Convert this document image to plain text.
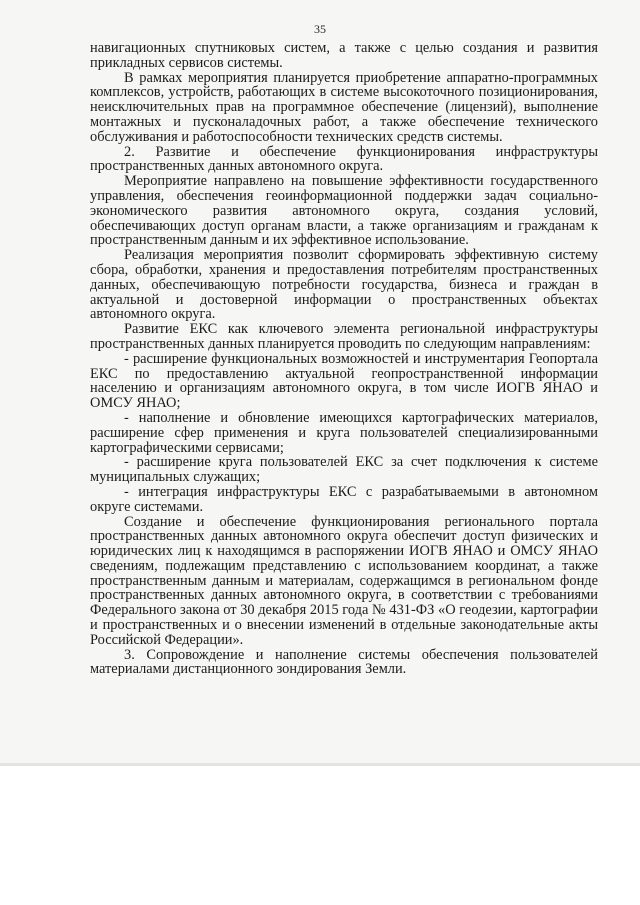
35

навигационных спутниковых систем, а также с целью создания и развития прикладных сервисов системы.

В рамках мероприятия планируется приобретение аппаратно-программных комплексов, устройств, работающих в системе высокоточного позиционирования, неисключительных прав на программное обеспечение (лицензий), выполнение монтажных и пусконаладочных работ, а также обеспечение технического обслуживания и работоспособности технических средств системы.

2. Развитие и обеспечение функционирования инфраструктуры пространственных данных автономного округа.

Мероприятие направлено на повышение эффективности государственного управления, обеспечения геоинформационной поддержки задач социально-экономического развития автономного округа, создания условий, обеспечивающих доступ органам власти, а также организациям и гражданам к пространственным данным и их эффективное использование.

Реализация мероприятия позволит сформировать эффективную систему сбора, обработки, хранения и предоставления потребителям пространственных данных, обеспечивающую потребности государства, бизнеса и граждан в актуальной и достоверной информации о пространственных объектах автономного округа.

Развитие ЕКС как ключевого элемента региональной инфраструктуры пространственных данных планируется проводить по следующим направлениям:

- расширение функциональных возможностей и инструментария Геопортала ЕКС по предоставлению актуальной геопространственной информации населению и организациям автономного округа, в том числе ИОГВ ЯНАО и ОМСУ ЯНАО;

- наполнение и обновление имеющихся картографических материалов, расширение сфер применения и круга пользователей специализированными картографическими сервисами;

- расширение круга пользователей ЕКС за счет подключения к системе муниципальных служащих;

- интеграция инфраструктуры ЕКС с разрабатываемыми в автономном округе системами.

Создание и обеспечение функционирования регионального портала пространственных данных автономного округа обеспечит доступ физических и юридических лиц к находящимся в распоряжении ИОГВ ЯНАО и ОМСУ ЯНАО сведениям, подлежащим представлению с использованием координат, а также пространственным данным и материалам, содержащимся в региональном фонде пространственных данных автономного округа, в соответствии с требованиями Федерального закона от 30 декабря 2015 года № 431-ФЗ «О геодезии, картографии и пространственных и о внесении изменений в отдельные законодательные акты Российской Федерации».

3. Сопровождение и наполнение системы обеспечения пользователей материалами дистанционного зондирования Земли.
